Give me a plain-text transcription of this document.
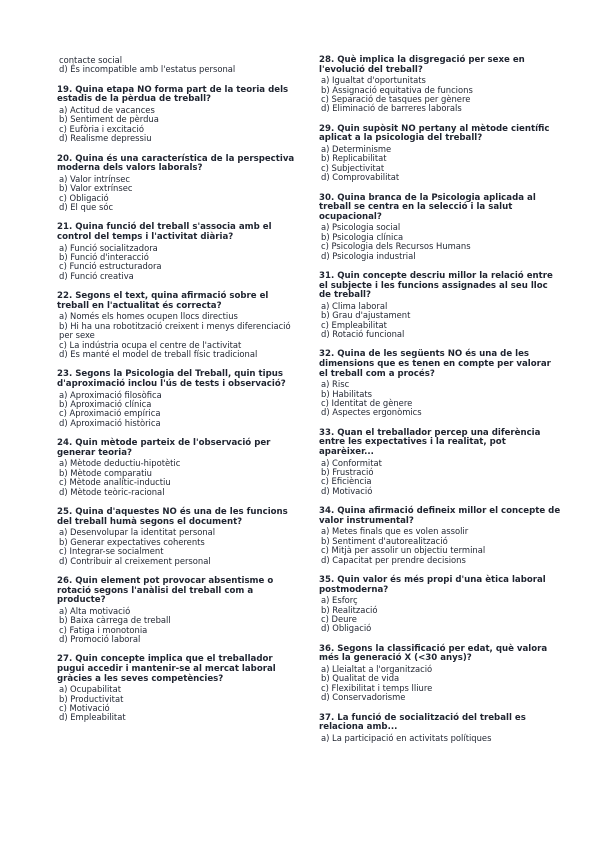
contacte social
d) És incompatible amb l'estatus personal
19. Quina etapa NO forma part de la teoria dels estadis de la pèrdua de treball?
a) Actitud de vacances
b) Sentiment de pèrdua
c) Eufòria i excitació
d) Realisme depressiu
20. Quina és una característica de la perspectiva moderna dels valors laborals?
a) Valor intrínsec
b) Valor extrínsec
c) Obligació
d) El que sóc
21. Quina funció del treball s'associa amb el control del temps i l'activitat diària?
a) Funció socialitzadora
b) Funció d'interacció
c) Funció estructuradora
d) Funció creativa
22. Segons el text, quina afirmació sobre el treball en l'actualitat és correcta?
a) Només els homes ocupen llocs directius
b) Hi ha una robotització creixent i menys diferenciació per sexe
c) La indústria ocupa el centre de l'activitat
d) Es manté el model de treball físic tradicional
23. Segons la Psicologia del Treball, quin tipus d'aproximació inclou l'ús de tests i observació?
a) Aproximació filosòfica
b) Aproximació clínica
c) Aproximació empírica
d) Aproximació històrica
24. Quin mètode parteix de l'observació per generar teoria?
a) Mètode deductiu-hipotètic
b) Mètode comparatiu
c) Mètode analític-inductiu
d) Mètode teòric-racional
25. Quina d'aquestes NO és una de les funcions del treball humà segons el document?
a) Desenvolupar la identitat personal
b) Generar expectatives coherents
c) Integrar-se socialment
d) Contribuir al creixement personal
26. Quin element pot provocar absentisme o rotació segons l'anàlisi del treball com a producte?
a) Alta motivació
b) Baixa càrrega de treball
c) Fatiga i monotonia
d) Promoció laboral
27. Quin concepte implica que el treballador pugui accedir i mantenir-se al mercat laboral gràcies a les seves competències?
a) Ocupabilitat
b) Productivitat
c) Motivació
d) Empleabilitat
28. Què implica la disgregació per sexe en l'evolució del treball?
a) Igualtat d'oportunitats
b) Assignació equitativa de funcions
c) Separació de tasques per gènere
d) Eliminació de barreres laborals
29. Quin supòsit NO pertany al mètode científic aplicat a la psicologia del treball?
a) Determinisme
b) Replicabilitat
c) Subjectivitat
d) Comprovabilitat
30. Quina branca de la Psicologia aplicada al treball se centra en la selecció i la salut ocupacional?
a) Psicologia social
b) Psicologia clínica
c) Psicologia dels Recursos Humans
d) Psicologia industrial
31. Quin concepte descriu millor la relació entre el subjecte i les funcions assignades al seu lloc de treball?
a) Clima laboral
b) Grau d'ajustament
c) Empleabilitat
d) Rotació funcional
32. Quina de les següents NO és una de les dimensions que es tenen en compte per valorar el treball com a procés?
a) Risc
b) Habilitats
c) Identitat de gènere
d) Aspectes ergonòmics
33. Quan el treballador percep una diferència entre les expectatives i la realitat, pot aparèixer...
a) Conformitat
b) Frustració
c) Eficiència
d) Motivació
34. Quina afirmació defineix millor el concepte de valor instrumental?
a) Metes finals que es volen assolir
b) Sentiment d'autorealització
c) Mitjà per assolir un objectiu terminal
d) Capacitat per prendre decisions
35. Quin valor és més propi d'una ètica laboral postmoderna?
a) Esforç
b) Realització
c) Deure
d) Obligació
36. Segons la classificació per edat, què valora més la generació X (<30 anys)?
a) Lleialtat a l'organització
b) Qualitat de vida
c) Flexibilitat i temps lliure
d) Conservadorisme
37. La funció de socialització del treball es relaciona amb...
a) La participació en activitats polítiques
